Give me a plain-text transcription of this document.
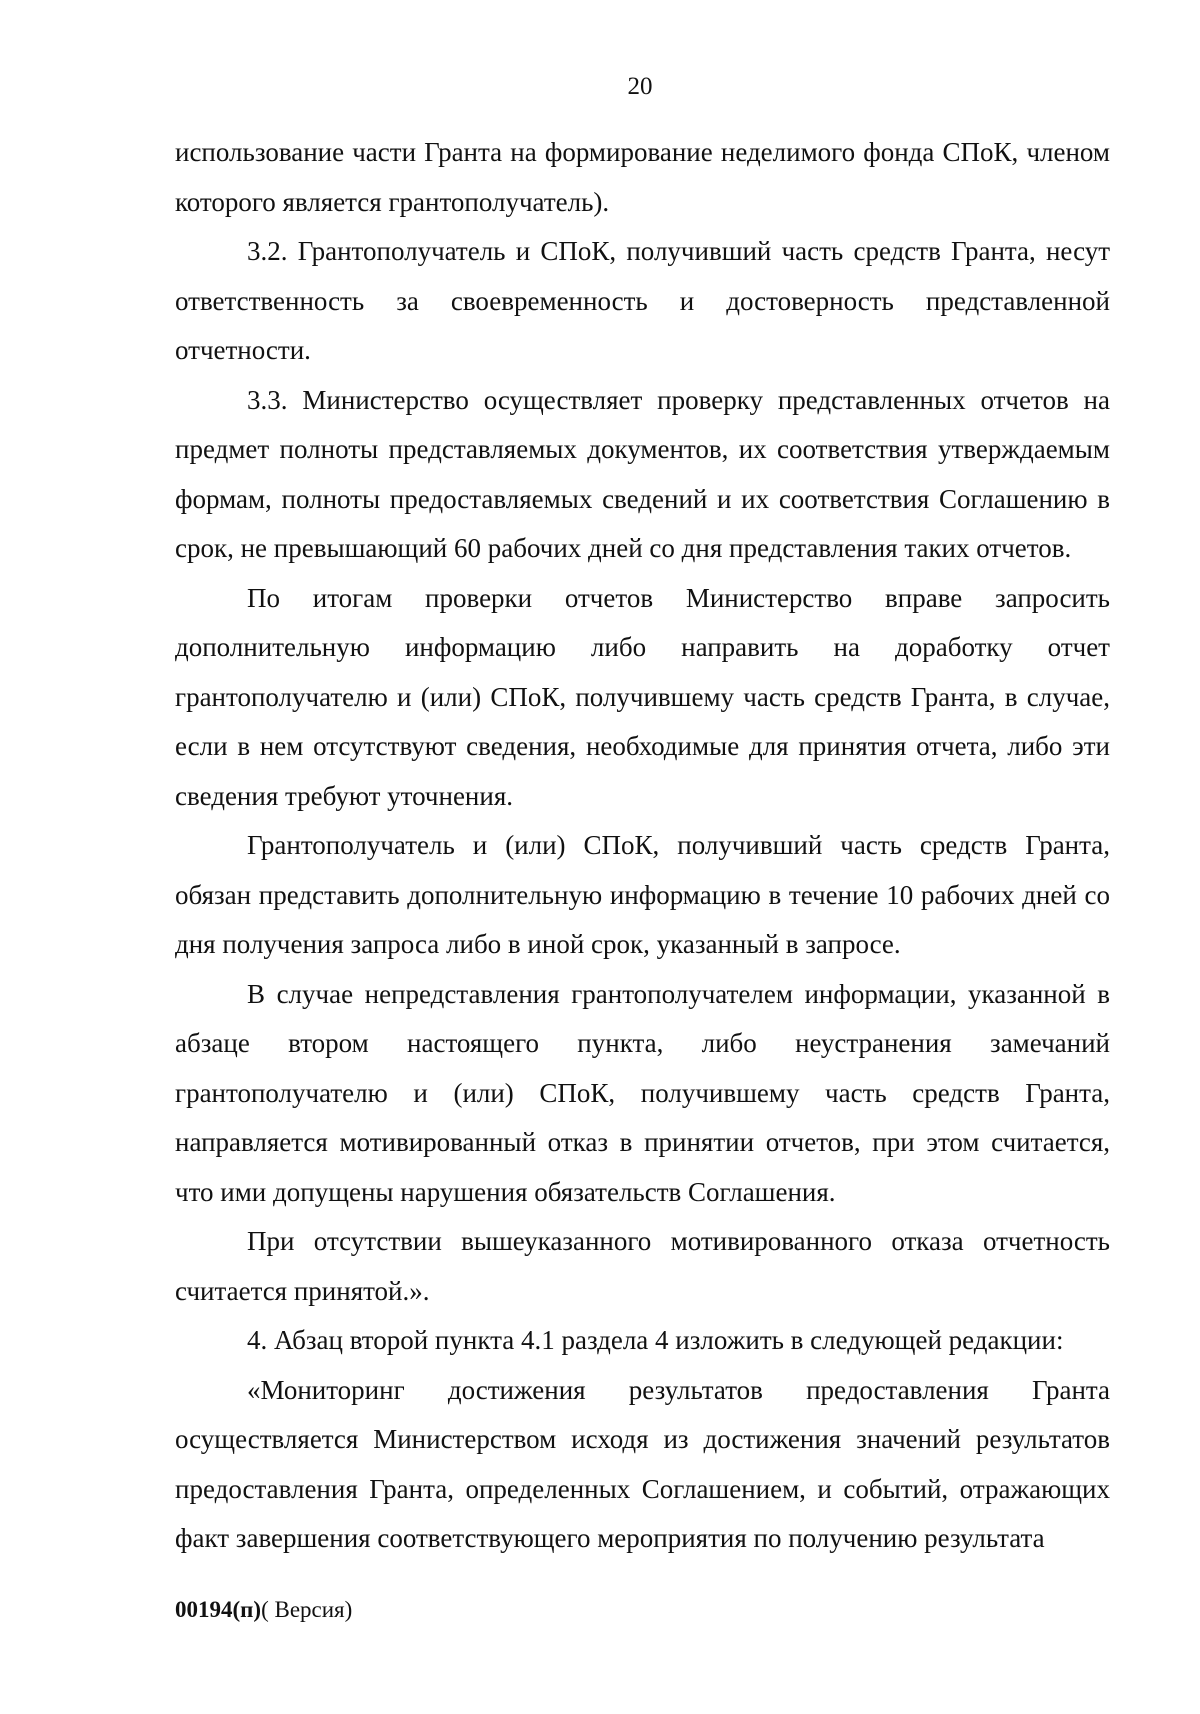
20

использование части Гранта на формирование неделимого фонда СПоК, членом которого является грантополучатель).

3.2. Грантополучатель и СПоК, получивший часть средств Гранта, несут ответственность за своевременность и достоверность представленной отчетности.

3.3. Министерство осуществляет проверку представленных отчетов на предмет полноты представляемых документов, их соответствия утверждаемым формам, полноты предоставляемых сведений и их соответствия Соглашению в срок, не превышающий 60 рабочих дней со дня представления таких отчетов.

По итогам проверки отчетов Министерство вправе запросить дополнительную информацию либо направить на доработку отчет грантополучателю и (или) СПоК, получившему часть средств Гранта, в случае, если в нем отсутствуют сведения, необходимые для принятия отчета, либо эти сведения требуют уточнения.

Грантополучатель и (или) СПоК, получивший часть средств Гранта, обязан представить дополнительную информацию в течение 10 рабочих дней со дня получения запроса либо в иной срок, указанный в запросе.

В случае непредставления грантополучателем информации, указанной в абзаце втором настоящего пункта, либо неустранения замечаний грантополучателю и (или) СПоК, получившему часть средств Гранта, направляется мотивированный отказ в принятии отчетов, при этом считается, что ими допущены нарушения обязательств Соглашения.

При отсутствии вышеуказанного мотивированного отказа отчетность считается принятой.».

4. Абзац второй пункта 4.1 раздела 4 изложить в следующей редакции:

«Мониторинг достижения результатов предоставления Гранта осуществляется Министерством исходя из достижения значений результатов предоставления Гранта, определенных Соглашением, и событий, отражающих факт завершения соответствующего мероприятия по получению результата

00194(п)( Версия)
